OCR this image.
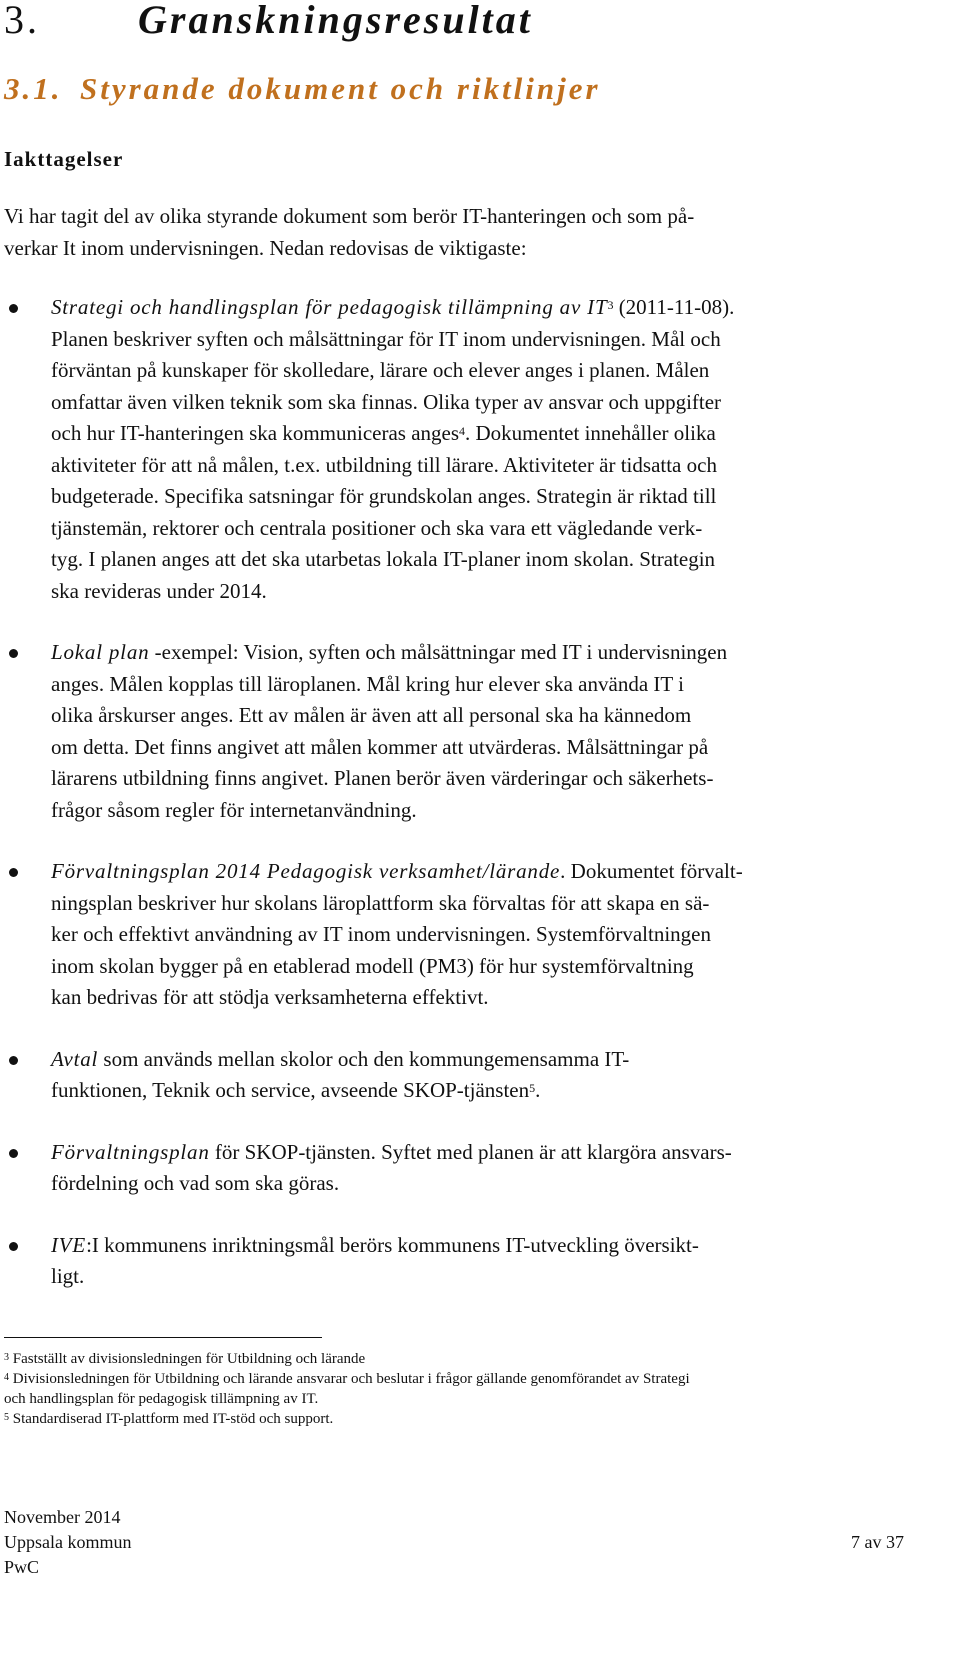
3. Granskningsresultat
3.1. Styrande dokument och riktlinjer
Iakttagelser

Vi har tagit del av olika styrande dokument som berör IT-hanteringen och som på-
verkar It inom undervisningen. Nedan redovisas de viktigaste:

Strategi och handlingsplan för pedagogisk tillämpning av $IT^3$ (2011-11-08).
Planen beskriver syften och målsättningar för IT inom undervisningen. Mål och
förväntan på kunskaper för skolledare, lärare och elever anges i planen. Målen
omfattar även vilken teknik som ska finnas. Olika typer av ansvar och uppgifter
och hur IT-hanteringen ska kommuniceras anges$^4$. Dokumentet innehåller olika
aktiviteter för att nå målen, t.ex. utbildning till lärare. Aktiviteter är tidsatta och
budgeterade. Specifika satsningar för grundskolan anges. Strategin är riktad till
tjänstemän, rektorer och centrala positioner och ska vara ett vägledande verk-
tyg. I planen anges att det ska utarbetas lokala IT-planer inom skolan. Strategin
ska revideras under 2014.
Lokal plan -exempel: Vision, syften och målsättningar med IT i undervisningen
anges. Målen kopplas till läroplanen. Mål kring hur elever ska använda IT i
olika årskurser anges. Ett av målen är även att all personal ska ha kännedom
om detta. Det finns angivet att målen kommer att utvärderas. Målsättningar på
lärarens utbildning finns angivet. Planen berör även värderingar och säkerhets-
frågor såsom regler för internetanvändning.
Förvaltningsplan 2014 Pedagogisk verksamhet/lärande. Dokumentet förvalt-
ningsplan beskriver hur skolans läroplattform ska förvaltas för att skapa en sä-
ker och effektivt användning av IT inom undervisningen. Systemförvaltningen
inom skolan bygger på en etablerad modell (PM3) för hur systemförvaltning
kan bedrivas för att stödja verksamheterna effektivt.
Avtal som används mellan skolor och den kommungemensamma IT-
funktionen, Teknik och service, avseende SKOP-tjänsten$^5$.
Förvaltningsplan för SKOP-tjänsten. Syftet med planen är att klargöra ansvars-
fördelning och vad som ska göras.
IVE:I kommunens inriktningsmål berörs kommunens IT-utveckling översikt-
ligt.
$^3$ Fastställt av divisionsledningen för Utbildning och lärande
$^4$ Divisionsledningen för Utbildning och lärande ansvarar och beslutar i frågor gällande genomförandet av Strategi
och handlingsplan för pedagogisk tillämpning av IT.
$^5$ Standardiserad IT-plattform med IT-stöd och support.
November 2014
Uppsala kommun
PwC
7 av 37
